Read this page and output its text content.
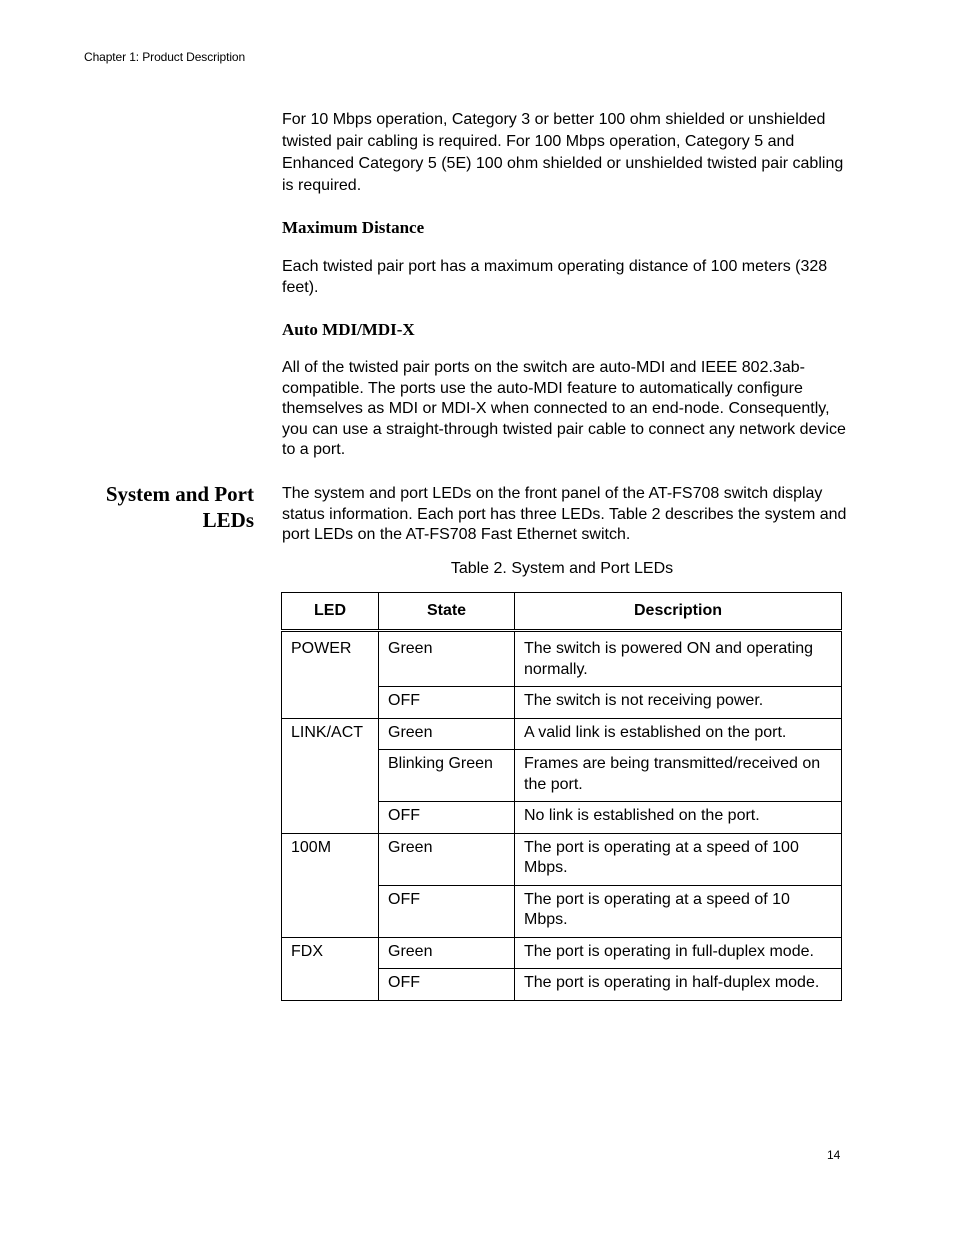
Chapter 1: Product Description
For 10 Mbps operation, Category 3 or better 100 ohm shielded or unshielded twisted pair cabling is required. For 100 Mbps operation, Category 5 and Enhanced Category 5 (5E) 100 ohm shielded or unshielded twisted pair cabling is required.
Maximum Distance
Each twisted pair port has a maximum operating distance of 100 meters (328 feet).
Auto MDI/MDI-X
All of the twisted pair ports on the switch are auto-MDI and IEEE 802.3ab-compatible. The ports use the auto-MDI feature to automatically configure themselves as MDI or MDI-X when connected to an end-node. Consequently, you can use a straight-through twisted pair cable to connect any network device to a port.
System and Port LEDs
The system and port LEDs on the front panel of the AT-FS708 switch display status information. Each port has three LEDs. Table 2 describes the system and port LEDs on the AT-FS708 Fast Ethernet switch.
Table 2. System and Port LEDs
LED	State	Description
POWER	Green	The switch is powered ON and operating normally.
	OFF	The switch is not receiving power.
LINK/ACT	Green	A valid link is established on the port.
	Blinking Green	Frames are being transmitted/received on the port.
	OFF	No link is established on the port.
100M	Green	The port is operating at a speed of 100 Mbps.
	OFF	The port is operating at a speed of 10 Mbps.
FDX	Green	The port is operating in full-duplex mode.
	OFF	The port is operating in half-duplex mode.
14
